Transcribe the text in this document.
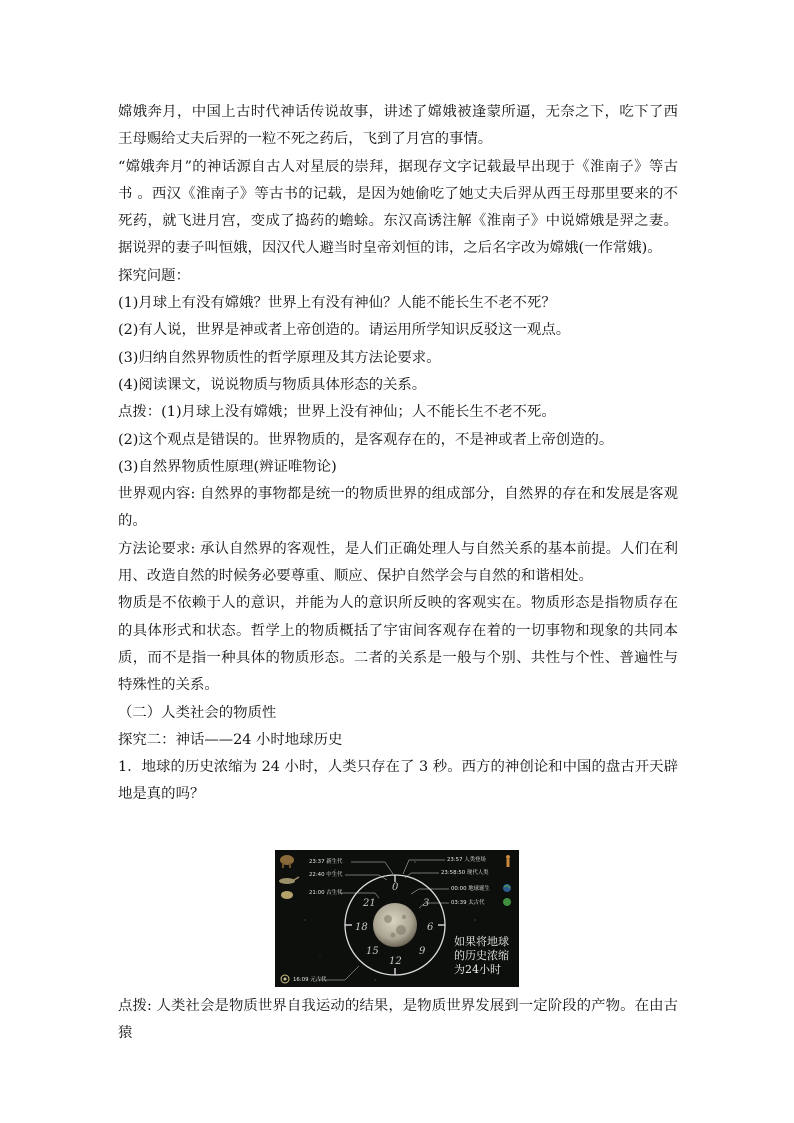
嫦娥奔月，中国上古时代神话传说故事，讲述了嫦娥被逢蒙所逼，无奈之下，吃下了西王母赐给丈夫后羿的一粒不死之药后，飞到了月宫的事情。

“嫦娥奔月”的神话源自古人对星辰的崇拜，据现存文字记载最早出现于《淮南子》等古书 。西汉《淮南子》等古书的记载，是因为她偷吃了她丈夫后羿从西王母那里要来的不死药，就飞进月宫，变成了捣药的蟾蜍。东汉高诱注解《淮南子》中说嫦娥是羿之妻。据说羿的妻子叫恒娥，因汉代人避当时皇帝刘恒的讳，之后名字改为嫦娥(一作常娥)。

探究问题：

(1)月球上有没有嫦娥？世界上有没有神仙？人能不能长生不老不死？

(2)有人说，世界是神或者上帝创造的。请运用所学知识反驳这一观点。

(3)归纳自然界物质性的哲学原理及其方法论要求。

(4)阅读课文，说说物质与物质具体形态的关系。

点拨：(1)月球上没有嫦娥；世界上没有神仙；人不能长生不老不死。

(2)这个观点是错误的。世界物质的，是客观存在的，不是神或者上帝创造的。

(3)自然界物质性原理(辨证唯物论)

世界观内容: 自然界的事物都是统一的物质世界的组成部分，自然界的存在和发展是客观的。

方法论要求: 承认自然界的客观性，是人们正确处理人与自然关系的基本前提。人们在利用、改造自然的时候务必要尊重、顺应、保护自然学会与自然的和谐相处。

物质是不依赖于人的意识，并能为人的意识所反映的客观实在。物质形态是指物质存在的具体形式和状态。哲学上的物质概括了宇宙间客观存在着的一切事物和现象的共同本质，而不是指一种具体的物质形态。二者的关系是一般与个别、共性与个性、普遍性与特殊性的关系。

（二）人类社会的物质性

探究二：神话——24 小时地球历史

1．地球的历史浓缩为 24 小时，人类只存在了 3 秒。西方的神创论和中国的盘古开天辟地是真的吗？

23:37 新生代
22:40 中生代
21:00 古生代
23:57 人类登场
23:58:50 现代人类
00:00 地球诞生
03:39 太古代
16:09 元古代
0
3
6
9
12
15
18
21
如果将地球
的历史浓缩
为24小时

点拨: 人类社会是物质世界自我运动的结果，是物质世界发展到一定阶段的产物。在由古猿
